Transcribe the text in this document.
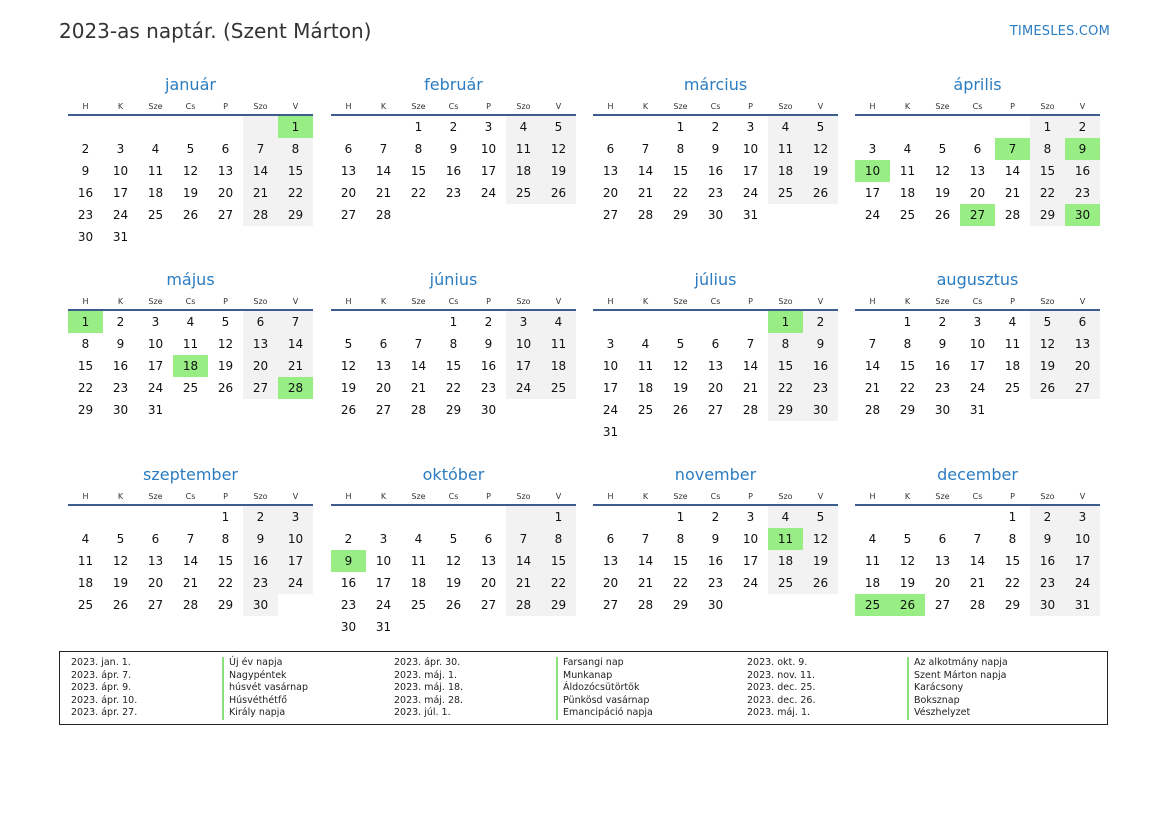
2023-as naptár. (Szent Márton)	TIMESLES.COM
január
H	K	Sze	Cs	P	Szo	V
						1
2	3	4	5	6	7	8
9	10	11	12	13	14	15
16	17	18	19	20	21	22
23	24	25	26	27	28	29
30	31					
február
H	K	Sze	Cs	P	Szo	V
		1	2	3	4	5
6	7	8	9	10	11	12
13	14	15	16	17	18	19
20	21	22	23	24	25	26
27	28					
március
H	K	Sze	Cs	P	Szo	V
		1	2	3	4	5
6	7	8	9	10	11	12
13	14	15	16	17	18	19
20	21	22	23	24	25	26
27	28	29	30	31		
április
H	K	Sze	Cs	P	Szo	V
					1	2
3	4	5	6	7	8	9
10	11	12	13	14	15	16
17	18	19	20	21	22	23
24	25	26	27	28	29	30
május
H	K	Sze	Cs	P	Szo	V
1	2	3	4	5	6	7
8	9	10	11	12	13	14
15	16	17	18	19	20	21
22	23	24	25	26	27	28
29	30	31				
június
H	K	Sze	Cs	P	Szo	V
			1	2	3	4
5	6	7	8	9	10	11
12	13	14	15	16	17	18
19	20	21	22	23	24	25
26	27	28	29	30		
július
H	K	Sze	Cs	P	Szo	V
					1	2
3	4	5	6	7	8	9
10	11	12	13	14	15	16
17	18	19	20	21	22	23
24	25	26	27	28	29	30
31						
augusztus
H	K	Sze	Cs	P	Szo	V
	1	2	3	4	5	6
7	8	9	10	11	12	13
14	15	16	17	18	19	20
21	22	23	24	25	26	27
28	29	30	31			
szeptember
H	K	Sze	Cs	P	Szo	V
				1	2	3
4	5	6	7	8	9	10
11	12	13	14	15	16	17
18	19	20	21	22	23	24
25	26	27	28	29	30	
október
H	K	Sze	Cs	P	Szo	V
						1
2	3	4	5	6	7	8
9	10	11	12	13	14	15
16	17	18	19	20	21	22
23	24	25	26	27	28	29
30	31					
november
H	K	Sze	Cs	P	Szo	V
		1	2	3	4	5
6	7	8	9	10	11	12
13	14	15	16	17	18	19
20	21	22	23	24	25	26
27	28	29	30			
december
H	K	Sze	Cs	P	Szo	V
				1	2	3
4	5	6	7	8	9	10
11	12	13	14	15	16	17
18	19	20	21	22	23	24
25	26	27	28	29	30	31
2023. jan. 1.	Új év napja
2023. ápr. 7.	Nagypéntek
2023. ápr. 9.	húsvét vasárnap
2023. ápr. 10.	Húsvéthétfő
2023. ápr. 27.	Király napja
2023. ápr. 30.	Farsangi nap
2023. máj. 1.	Munkanap
2023. máj. 18.	Áldozócsütörtök
2023. máj. 28.	Pünkösd vasárnap
2023. júl. 1.	Emancipáció napja
2023. okt. 9.	Az alkotmány napja
2023. nov. 11.	Szent Márton napja
2023. dec. 25.	Karácsony
2023. dec. 26.	Boksznap
2023. máj. 1.	Vészhelyzet
